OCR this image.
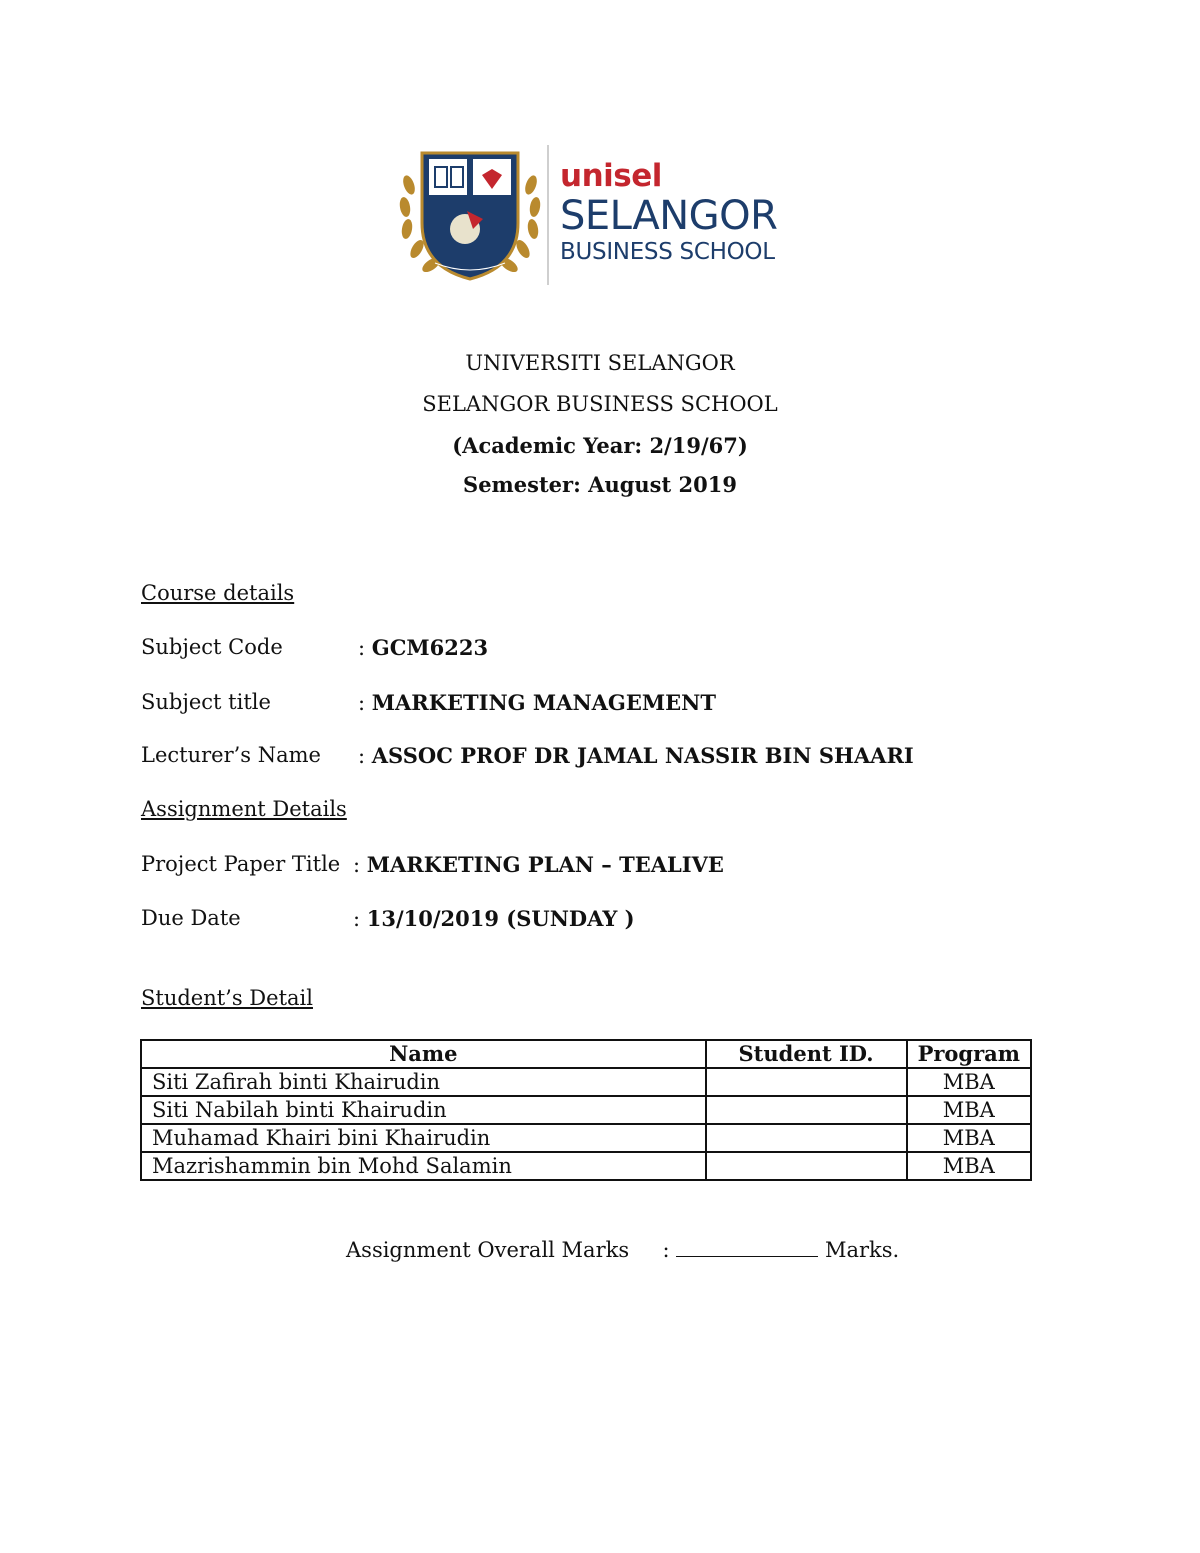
unisel
SELANGOR
BUSINESS SCHOOL
UNIVERSITI SELANGOR
SELANGOR BUSINESS SCHOOL
(Academic Year: 2/19/67)
Semester: August 2019
Course details
Subject Code	: GCM6223
Subject title	: MARKETING MANAGEMENT
Lecturer’s Name : ASSOC PROF DR JAMAL NASSIR BIN SHAARI
Assignment Details
Project Paper Title : MARKETING PLAN – TEALIVE
Due Date	: 13/10/2019 (SUNDAY )
Student’s Detail
Name	Student ID.	Program
Siti Zafirah binti Khairudin		MBA
Siti Nabilah binti Khairudin		MBA
Muhamad Khairi bini Khairudin		MBA
Mazrishammin bin Mohd Salamin		MBA
Assignment Overall Marks :	Marks.
